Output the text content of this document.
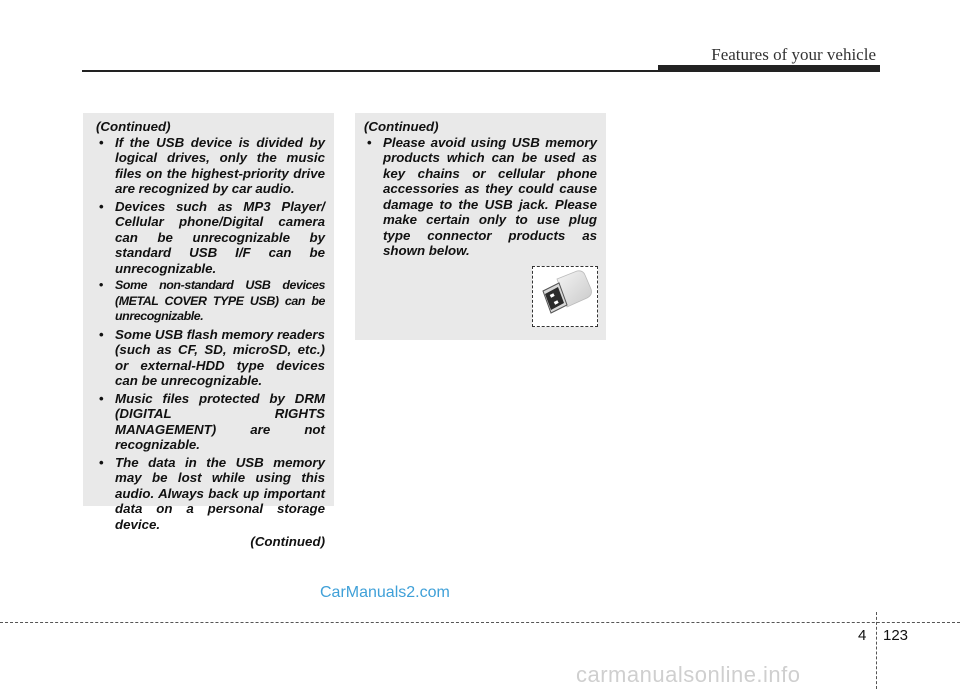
Features of your vehicle
(Continued)
• If the USB device is divided by logical drives, only the music files on the highest-priority drive are recognized by car audio.
• Devices such as MP3 Player/ Cellular phone/Digital camera can be unrecognizable by standard USB I/F can be unrecognizable.
• Some non-standard USB devices (METAL COVER TYPE USB) can be unrecognizable.
• Some USB flash memory readers (such as CF, SD, microSD, etc.) or external-HDD type devices can be unrecognizable.
• Music files protected by DRM (DIGITAL RIGHTS MANAGEMENT) are not recognizable.
• The data in the USB memory may be lost while using this audio. Always back up important data on a personal storage device.
(Continued)
(Continued)
• Please avoid using USB memory products which can be used as key chains or cellular phone accessories as they could cause damage to the USB jack. Please make certain only to use plug type connector products as shown below.
CarManuals2.com
4 123
carmanualsonline.info
